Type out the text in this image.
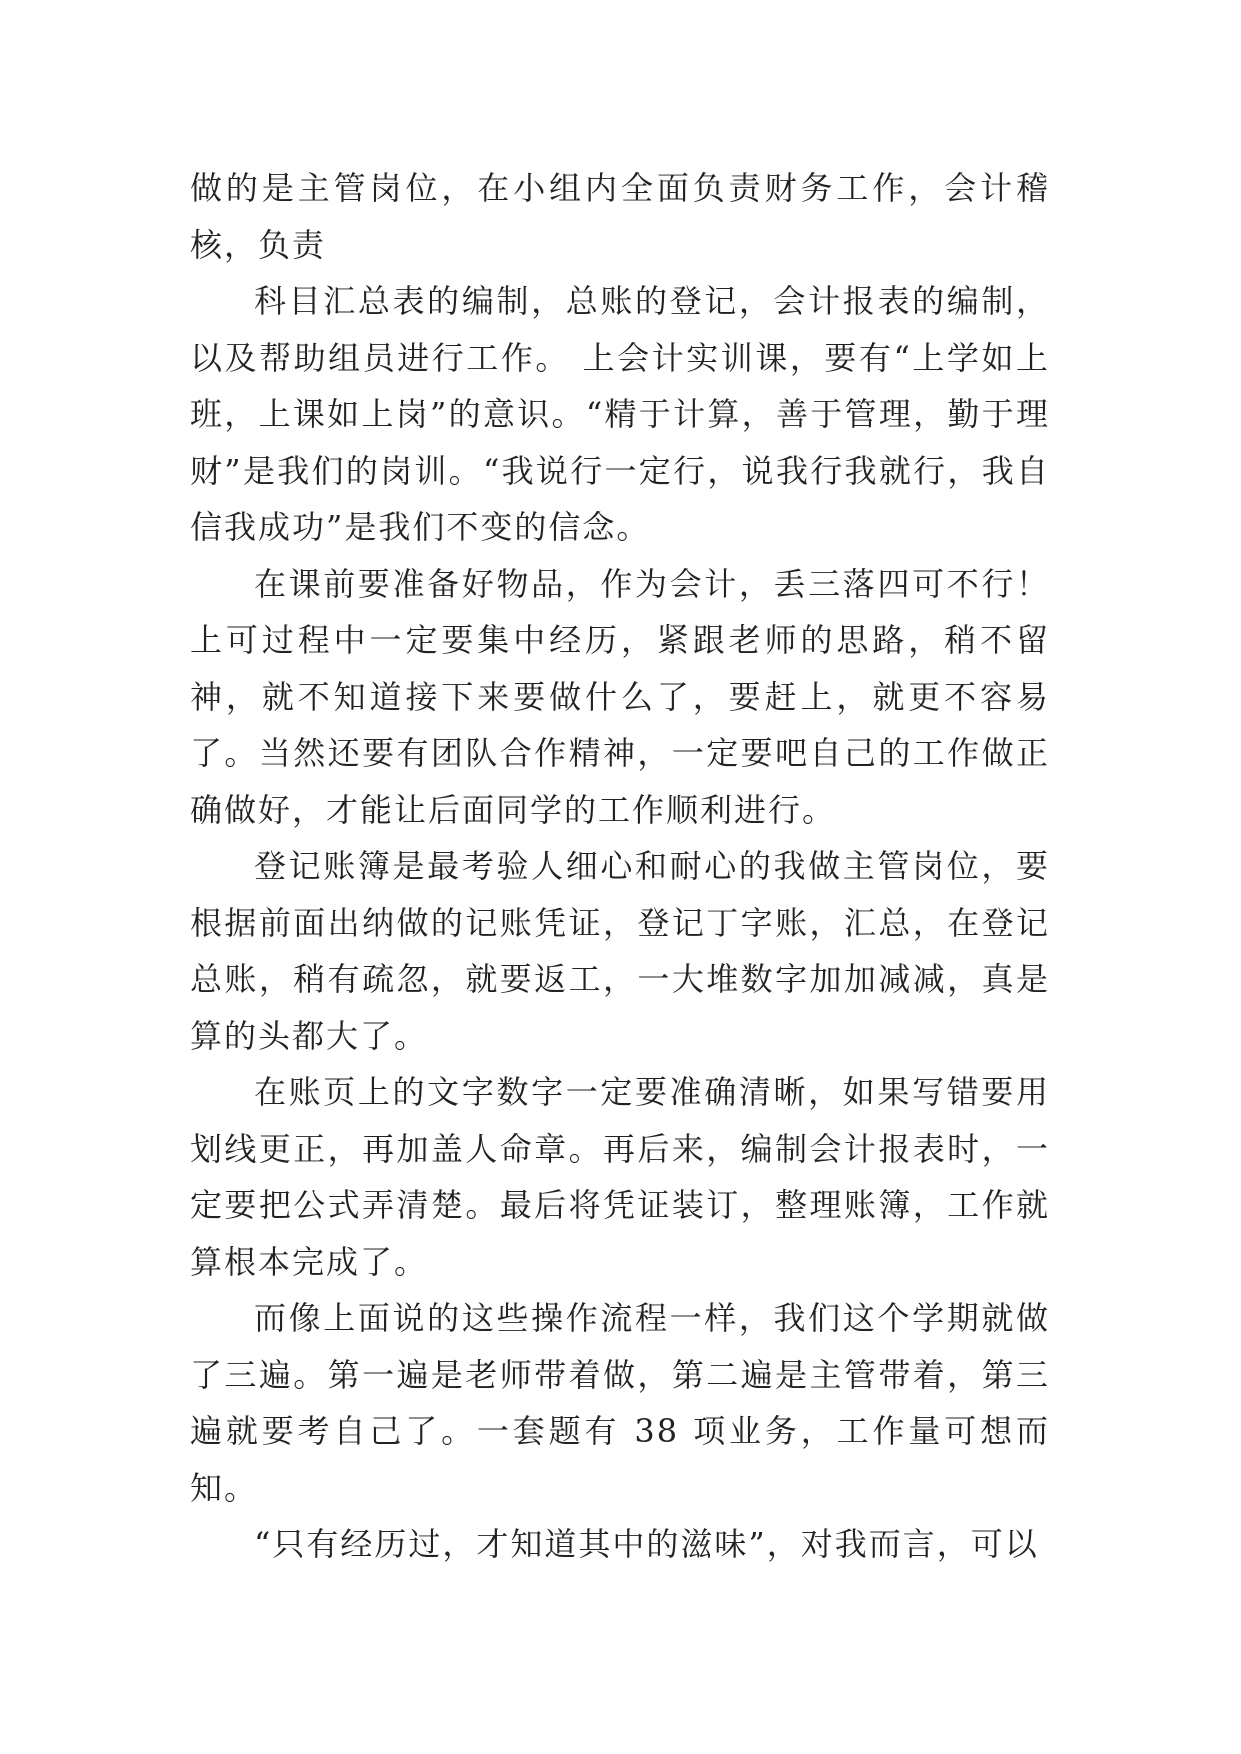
做的是主管岗位，在小组内全面负责财务工作，会计稽核，负责

科目汇总表的编制，总账的登记，会计报表的编制，以及帮助组员进行工作。 上会计实训课，要有“上学如上班，上课如上岗”的意识。“精于计算，善于管理，勤于理财”是我们的岗训。“我说行一定行，说我行我就行，我自信我成功”是我们不变的信念。

在课前要准备好物品，作为会计，丢三落四可不行！上可过程中一定要集中经历，紧跟老师的思路，稍不留神，就不知道接下来要做什么了，要赶上，就更不容易了。当然还要有团队合作精神，一定要吧自己的工作做正确做好，才能让后面同学的工作顺利进行。

登记账簿是最考验人细心和耐心的我做主管岗位，要根据前面出纳做的记账凭证，登记丁字账，汇总，在登记总账，稍有疏忽，就要返工，一大堆数字加加减减，真是算的头都大了。

在账页上的文字数字一定要准确清晰，如果写错要用划线更正，再加盖人命章。再后来，编制会计报表时，一定要把公式弄清楚。最后将凭证装订，整理账簿，工作就算根本完成了。

而像上面说的这些操作流程一样，我们这个学期就做了三遍。第一遍是老师带着做，第二遍是主管带着，第三遍就要考自己了。一套题有 38 项业务，工作量可想而知。

“只有经历过，才知道其中的滋味”，对我而言，可以
